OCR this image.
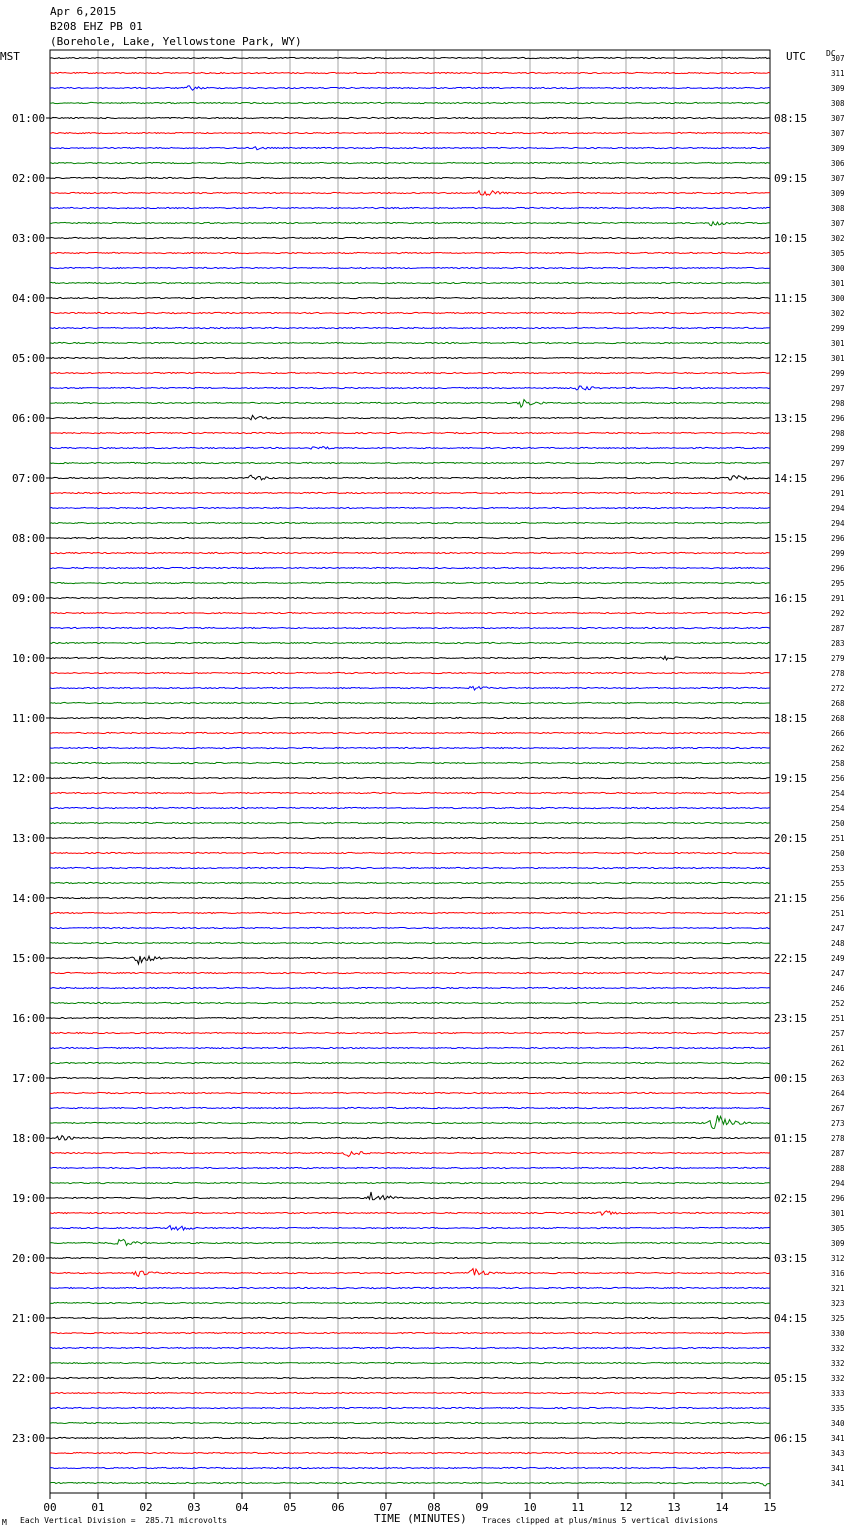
Apr 6,2015
B208 EHZ PB 01
(Borehole, Lake, Yellowstone Park, WY)
MST	UTC	DC
307
311
309
308
307
307
309
306
307
309
308
307
302
305
300
301
300
302
299
301
301
299
297
298
296
298
299
297
296
291
294
294
296
299
296
295
291
292
287
283
279
278
272
268
268
266
262
258
256
254
254
250
251
250
253
255
256
251
247
248
249
247
246
252
251
257
261
262
263
264
267
273
278
287
288
294
296
301
305
309
312
316
321
323
325
330
332
332
332
333
335
340
341
343
341
341
01:00
02:00
03:00
04:00
05:00
06:00
07:00
08:00
09:00
10:00
11:00
12:00
13:00
14:00
15:00
16:00
17:00
18:00
19:00
20:00
21:00
22:00
23:00
08:15
09:15
10:15
11:15
12:15
13:15
14:15
15:15
16:15
17:15
18:15
19:15
20:15
21:15
22:15
23:15
00:15
01:15
02:15
03:15
04:15
05:15
06:15
00	01	02	03	04	05	06	07	08	09	10	11	12	13	14	15
TIME (MINUTES)
Each Vertical Division =  285.71 microvolts	Traces clipped at plus/minus 5 vertical divisions
M
